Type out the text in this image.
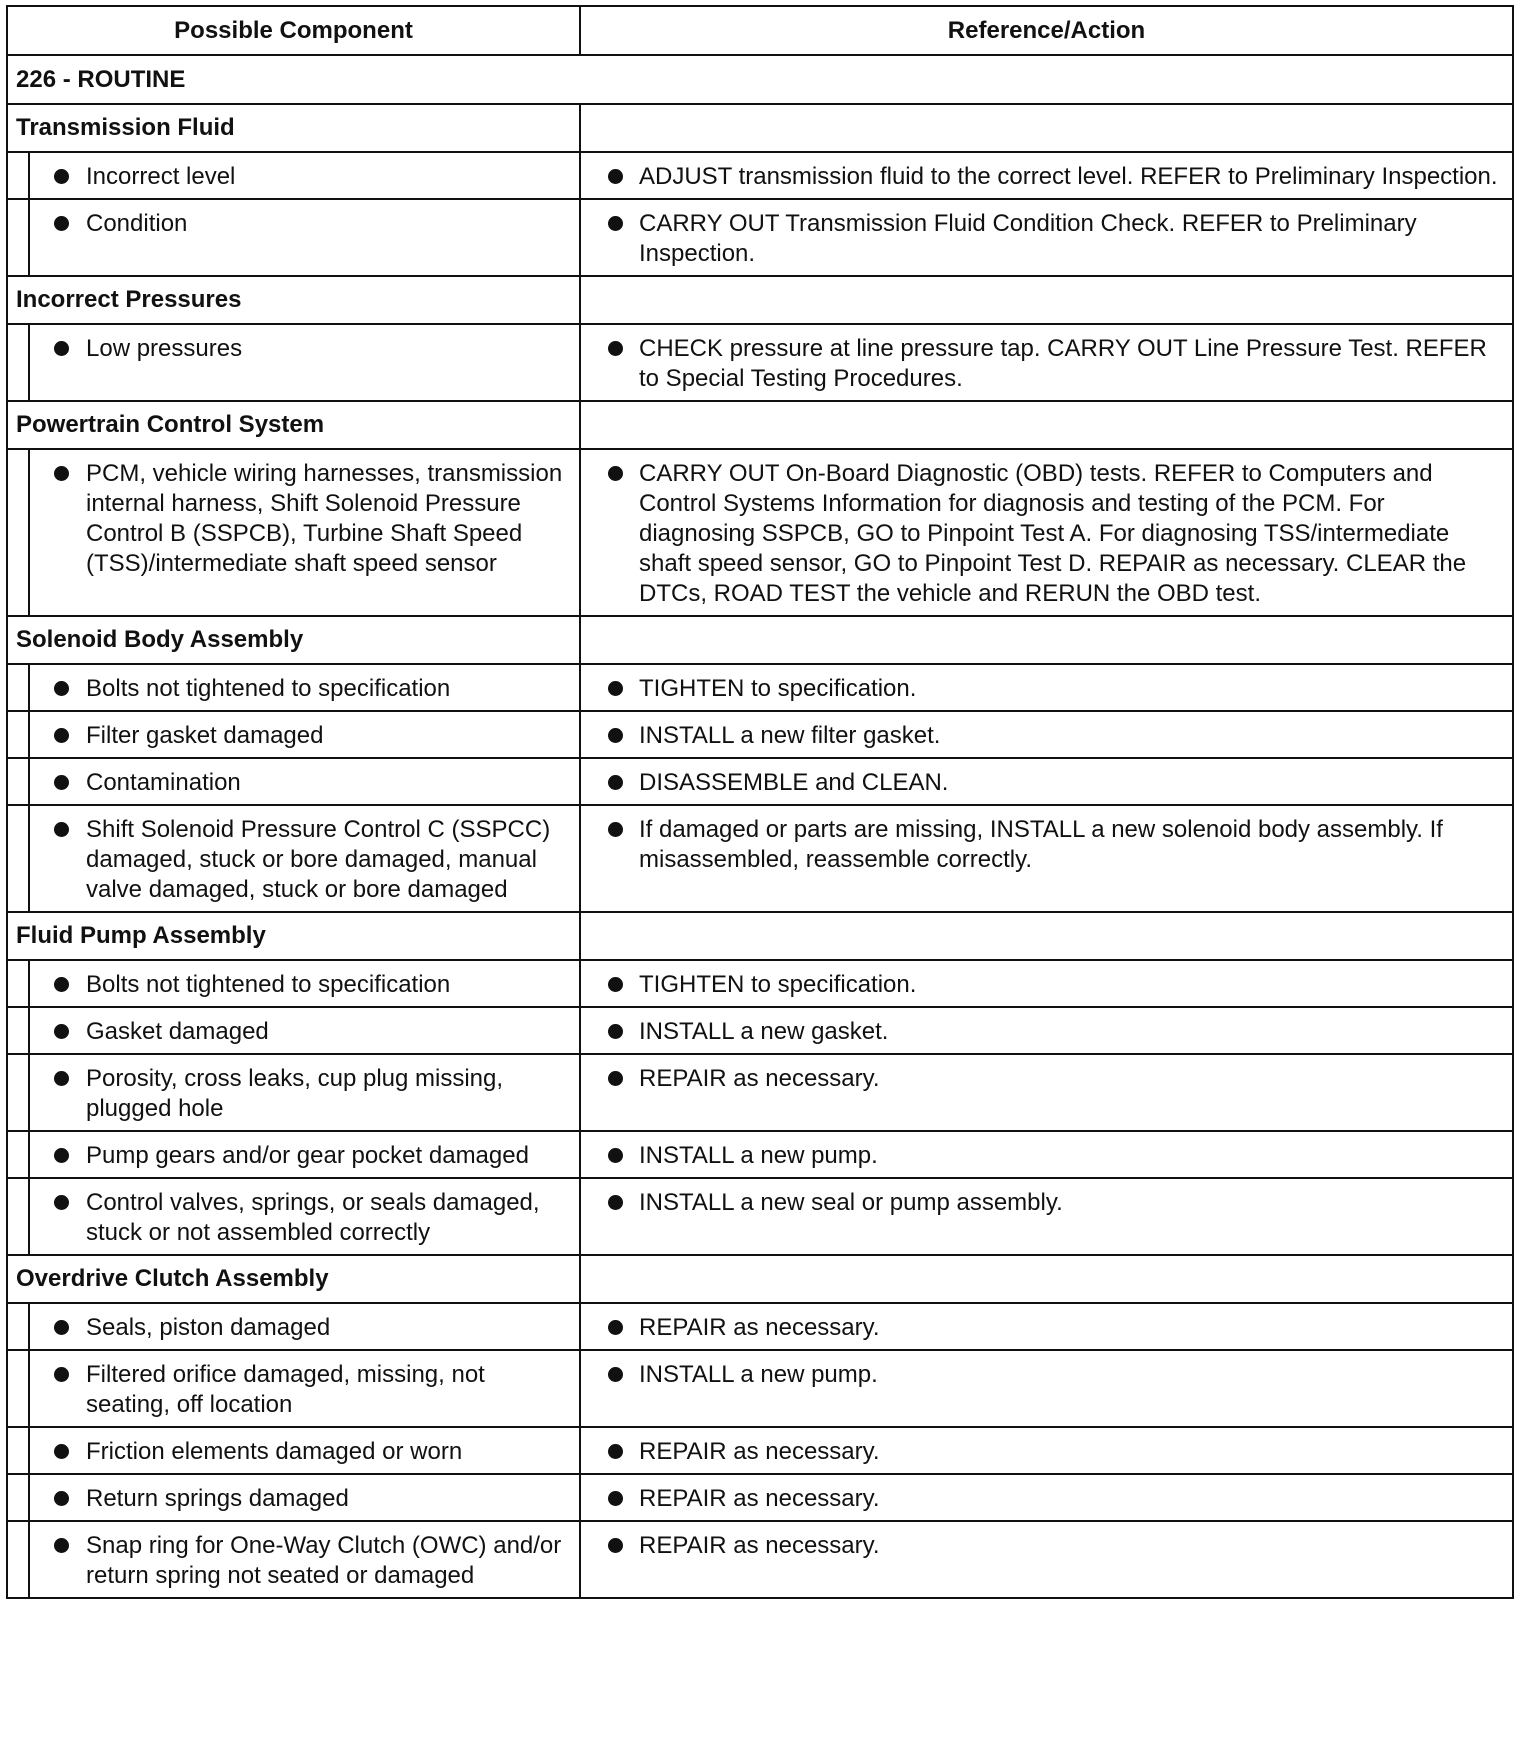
Possible Component		Reference/Action
226 - ROUTINE		
Transmission Fluid		

Incorrect level	ADJUST transmission fluid to the correct level. REFER to Preliminary Inspection.

Condition	CARRY OUT Transmission Fluid Condition Check. REFER to Preliminary Inspection.
Incorrect Pressures		

Low pressures	CHECK pressure at line pressure tap. CARRY OUT Line Pressure Test. REFER to Special Testing Procedures.
Powertrain Control System		

PCM, vehicle wiring harnesses, transmission internal harness, Shift Solenoid Pressure Control B (SSPCB), Turbine Shaft Speed (TSS)/intermediate shaft speed sensor	CARRY OUT On-Board Diagnostic (OBD) tests. REFER to Computers and Control Systems Information for diagnosis and testing of the PCM. For diagnosing SSPCB, GO to Pinpoint Test A. For diagnosing TSS/intermediate shaft speed sensor, GO to Pinpoint Test D. REPAIR as necessary. CLEAR the DTCs, ROAD TEST the vehicle and RERUN the OBD test.
Solenoid Body Assembly		

Bolts not tightened to specification	TIGHTEN to specification.

Filter gasket damaged	INSTALL a new filter gasket.

Contamination	DISASSEMBLE and CLEAN.

Shift Solenoid Pressure Control C (SSPCC) damaged, stuck or bore damaged, manual valve damaged, stuck or bore damaged	If damaged or parts are missing, INSTALL a new solenoid body assembly. If misassembled, reassemble correctly.
Fluid Pump Assembly		

Bolts not tightened to specification	TIGHTEN to specification.

Gasket damaged	INSTALL a new gasket.

Porosity, cross leaks, cup plug missing, plugged hole	REPAIR as necessary.

Pump gears and/or gear pocket damaged	INSTALL a new pump.

Control valves, springs, or seals damaged, stuck or not assembled correctly	INSTALL a new seal or pump assembly.
Overdrive Clutch Assembly		

Seals, piston damaged	REPAIR as necessary.

Filtered orifice damaged, missing, not seating, off location	INSTALL a new pump.

Friction elements damaged or worn	REPAIR as necessary.

Return springs damaged	REPAIR as necessary.

Snap ring for One-Way Clutch (OWC) and/or return spring not seated or damaged	REPAIR as necessary.
